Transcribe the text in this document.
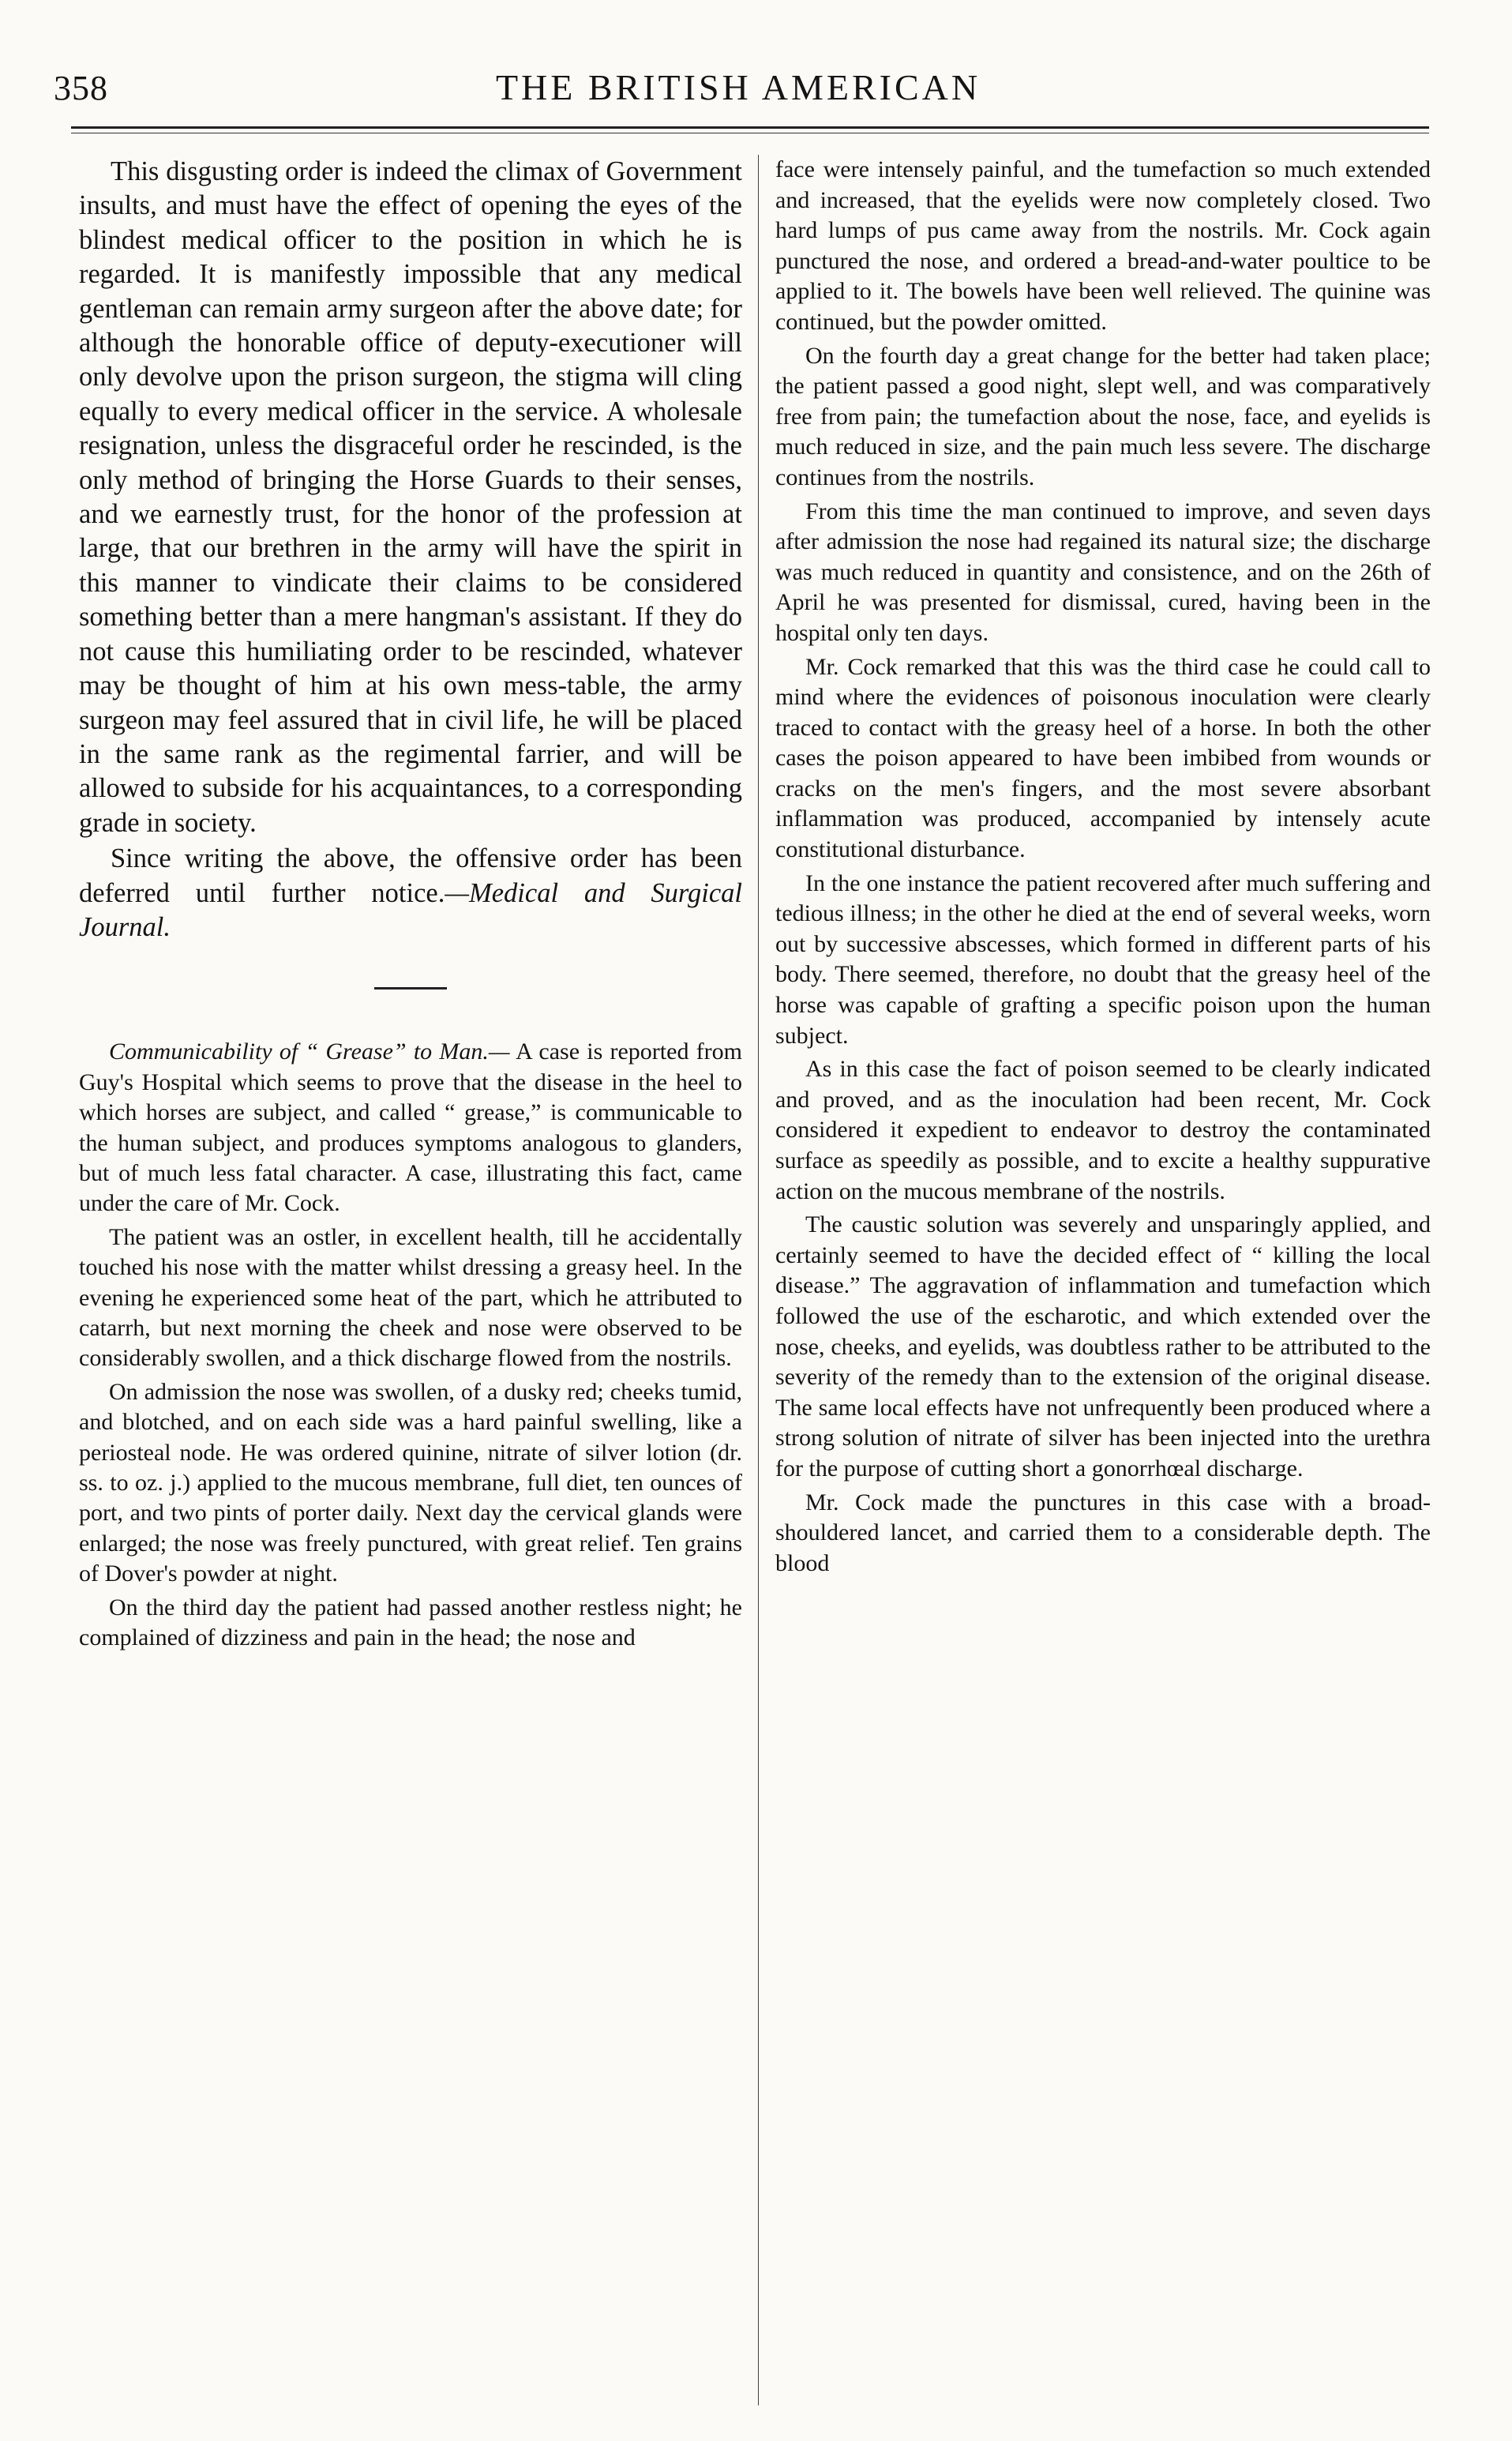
358	THE BRITISH AMERICAN

This disgusting order is indeed the climax of Government insults, and must have the effect of opening the eyes of the blindest medical officer to the position in which he is regarded. It is manifestly impossible that any medical gentleman can remain army surgeon after the above date; for although the honorable office of deputy-executioner will only devolve upon the prison surgeon, the stigma will cling equally to every medical officer in the service. A wholesale resignation, unless the disgraceful order he rescinded, is the only method of bringing the Horse Guards to their senses, and we earnestly trust, for the honor of the profession at large, that our brethren in the army will have the spirit in this manner to vindicate their claims to be considered something better than a mere hangman's assistant. If they do not cause this humiliating order to be rescinded, whatever may be thought of him at his own mess-table, the army surgeon may feel assured that in civil life, he will be placed in the same rank as the regimental farrier, and will be allowed to subside for his acquaintances, to a corresponding grade in society.

Since writing the above, the offensive order has been deferred until further notice.—Medical and Surgical Journal.

Communicability of “ Grease” to Man.— A case is reported from Guy's Hospital which seems to prove that the disease in the heel to which horses are subject, and called “ grease,” is communicable to the human subject, and produces symptoms analogous to glanders, but of much less fatal character. A case, illustrating this fact, came under the care of Mr. Cock.

The patient was an ostler, in excellent health, till he accidentally touched his nose with the matter whilst dressing a greasy heel. In the evening he experienced some heat of the part, which he attributed to catarrh, but next morning the cheek and nose were observed to be considerably swollen, and a thick discharge flowed from the nostrils.

On admission the nose was swollen, of a dusky red; cheeks tumid, and blotched, and on each side was a hard painful swelling, like a periosteal node. He was ordered quinine, nitrate of silver lotion (dr. ss. to oz. j.) applied to the mucous membrane, full diet, ten ounces of port, and two pints of porter daily. Next day the cervical glands were enlarged; the nose was freely punctured, with great relief. Ten grains of Dover's powder at night.

On the third day the patient had passed another restless night; he complained of dizziness and pain in the head; the nose and

face were intensely painful, and the tumefaction so much extended and increased, that the eyelids were now completely closed. Two hard lumps of pus came away from the nostrils. Mr. Cock again punctured the nose, and ordered a bread-and-water poultice to be applied to it. The bowels have been well relieved. The quinine was continued, but the powder omitted.

On the fourth day a great change for the better had taken place; the patient passed a good night, slept well, and was comparatively free from pain; the tumefaction about the nose, face, and eyelids is much reduced in size, and the pain much less severe. The discharge continues from the nostrils.

From this time the man continued to improve, and seven days after admission the nose had regained its natural size; the discharge was much reduced in quantity and consistence, and on the 26th of April he was presented for dismissal, cured, having been in the hospital only ten days.

Mr. Cock remarked that this was the third case he could call to mind where the evidences of poisonous inoculation were clearly traced to contact with the greasy heel of a horse. In both the other cases the poison appeared to have been imbibed from wounds or cracks on the men's fingers, and the most severe absorbant inflammation was produced, accompanied by intensely acute constitutional disturbance.

In the one instance the patient recovered after much suffering and tedious illness; in the other he died at the end of several weeks, worn out by successive abscesses, which formed in different parts of his body. There seemed, therefore, no doubt that the greasy heel of the horse was capable of grafting a specific poison upon the human subject.

As in this case the fact of poison seemed to be clearly indicated and proved, and as the inoculation had been recent, Mr. Cock considered it expedient to endeavor to destroy the contaminated surface as speedily as possible, and to excite a healthy suppurative action on the mucous membrane of the nostrils.

The caustic solution was severely and unsparingly applied, and certainly seemed to have the decided effect of “ killing the local disease.” The aggravation of inflammation and tumefaction which followed the use of the escharotic, and which extended over the nose, cheeks, and eyelids, was doubtless rather to be attributed to the severity of the remedy than to the extension of the original disease. The same local effects have not unfrequently been produced where a strong solution of nitrate of silver has been injected into the urethra for the purpose of cutting short a gonorrhœal discharge.

Mr. Cock made the punctures in this case with a broad-shouldered lancet, and carried them to a considerable depth. The blood
